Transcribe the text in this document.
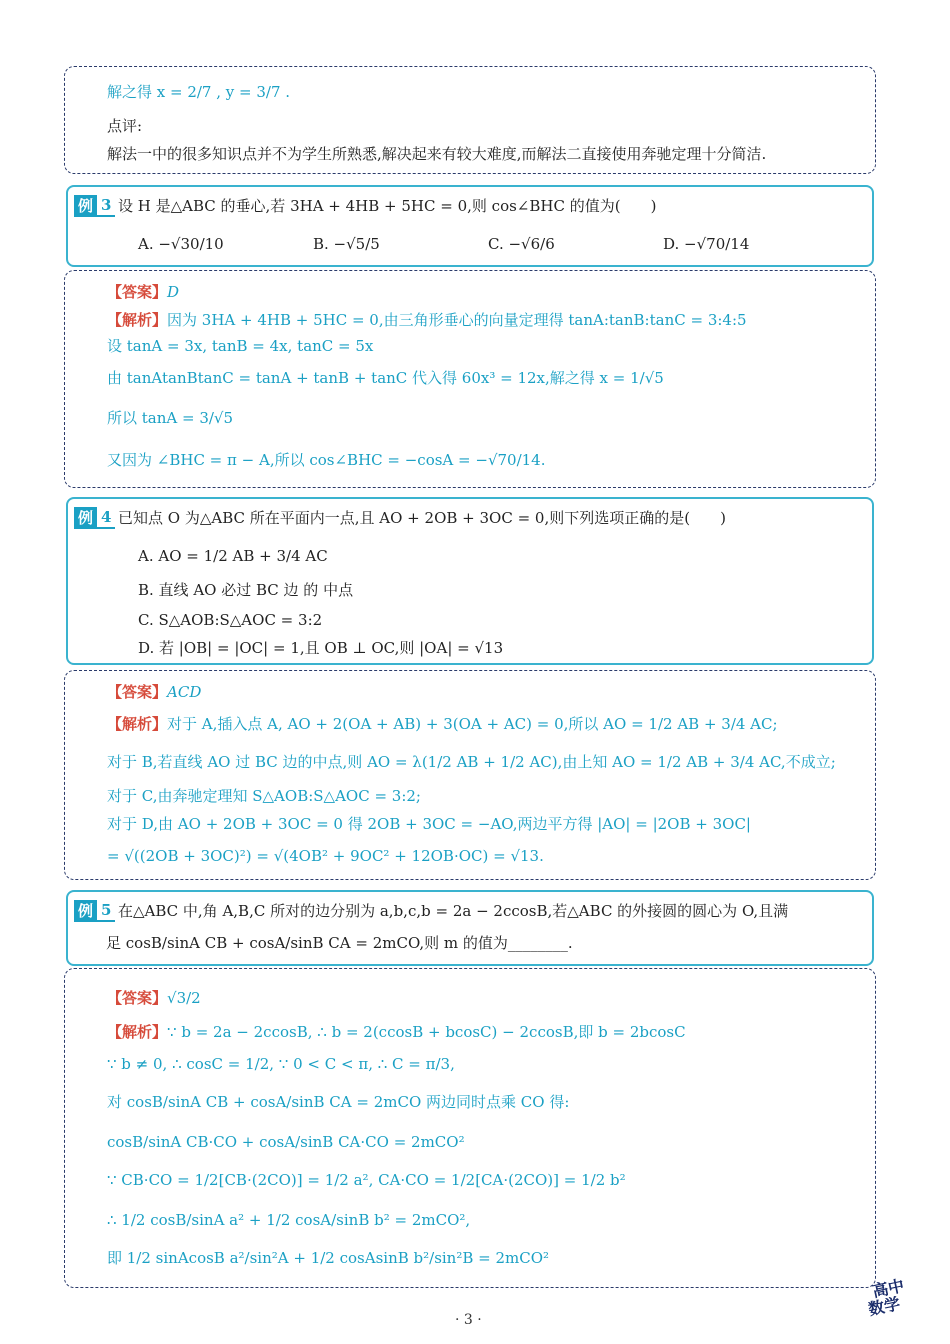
解之得 x = 2/7 , y = 3/7 .
点评:
解法一中的很多知识点并不为学生所熟悉,解决起来有较大难度,而解法二直接使用奔驰定理十分简洁.
例 3 设 H 是△ABC 的垂心,若 3HA + 4HB + 5HC = 0,则 cos∠BHC 的值为(　　)
A. −√30/10	B. −√5/5	C. −√6/6	D. −√70/14
【答案】D
【解析】因为 3HA + 4HB + 5HC = 0,由三角形垂心的向量定理得 tanA:tanB:tanC = 3:4:5
设 tanA = 3x, tanB = 4x, tanC = 5x
由 tanAtanBtanC = tanA + tanB + tanC 代入得 60x³ = 12x,解之得 x = 1/√5
所以 tanA = 3/√5
又因为 ∠BHC = π − A,所以 cos∠BHC = −cosA = −√70/14.
例 4 已知点 O 为△ABC 所在平面内一点,且 AO + 2OB + 3OC = 0,则下列选项正确的是(　　)
A. AO = 1/2 AB + 3/4 AC
B. 直线 AO 必过 BC 边 的 中点
C. S△AOB:S△AOC = 3:2
D. 若 |OB| = |OC| = 1,且 OB ⊥ OC,则 |OA| = √13
【答案】ACD
【解析】对于 A,插入点 A, AO + 2(OA + AB) + 3(OA + AC) = 0,所以 AO = 1/2 AB + 3/4 AC;
对于 B,若直线 AO 过 BC 边的中点,则 AO = λ(1/2 AB + 1/2 AC),由上知 AO = 1/2 AB + 3/4 AC,不成立;
对于 C,由奔驰定理知 S△AOB:S△AOC = 3:2;
对于 D,由 AO + 2OB + 3OC = 0 得 2OB + 3OC = −AO,两边平方得 |AO| = |2OB + 3OC|
= √((2OB + 3OC)²) = √(4OB² + 9OC² + 12OB·OC) = √13.
例 5 在△ABC 中,角 A,B,C 所对的边分别为 a,b,c,b = 2a − 2ccosB,若△ABC 的外接圆的圆心为 O,且满
足 cosB/sinA CB + cosA/sinB CA = 2mCO,则 m 的值为________.
【答案】√3/2
【解析】∵ b = 2a − 2ccosB, ∴ b = 2(ccosB + bcosC) − 2ccosB,即 b = 2bcosC
∵ b ≠ 0, ∴ cosC = 1/2, ∵ 0 < C < π, ∴ C = π/3,
对 cosB/sinA CB + cosA/sinB CA = 2mCO 两边同时点乘 CO 得:
cosB/sinA CB·CO + cosA/sinB CA·CO = 2mCO²
∵ CB·CO = 1/2[CB·(2CO)] = 1/2 a², CA·CO = 1/2[CA·(2CO)] = 1/2 b²
∴ 1/2 cosB/sinA a² + 1/2 cosA/sinB b² = 2mCO²,
即 1/2 sinAcosB a²/sin²A + 1/2 cosAsinB b²/sin²B = 2mCO²
· 3 ·
高中
数学
